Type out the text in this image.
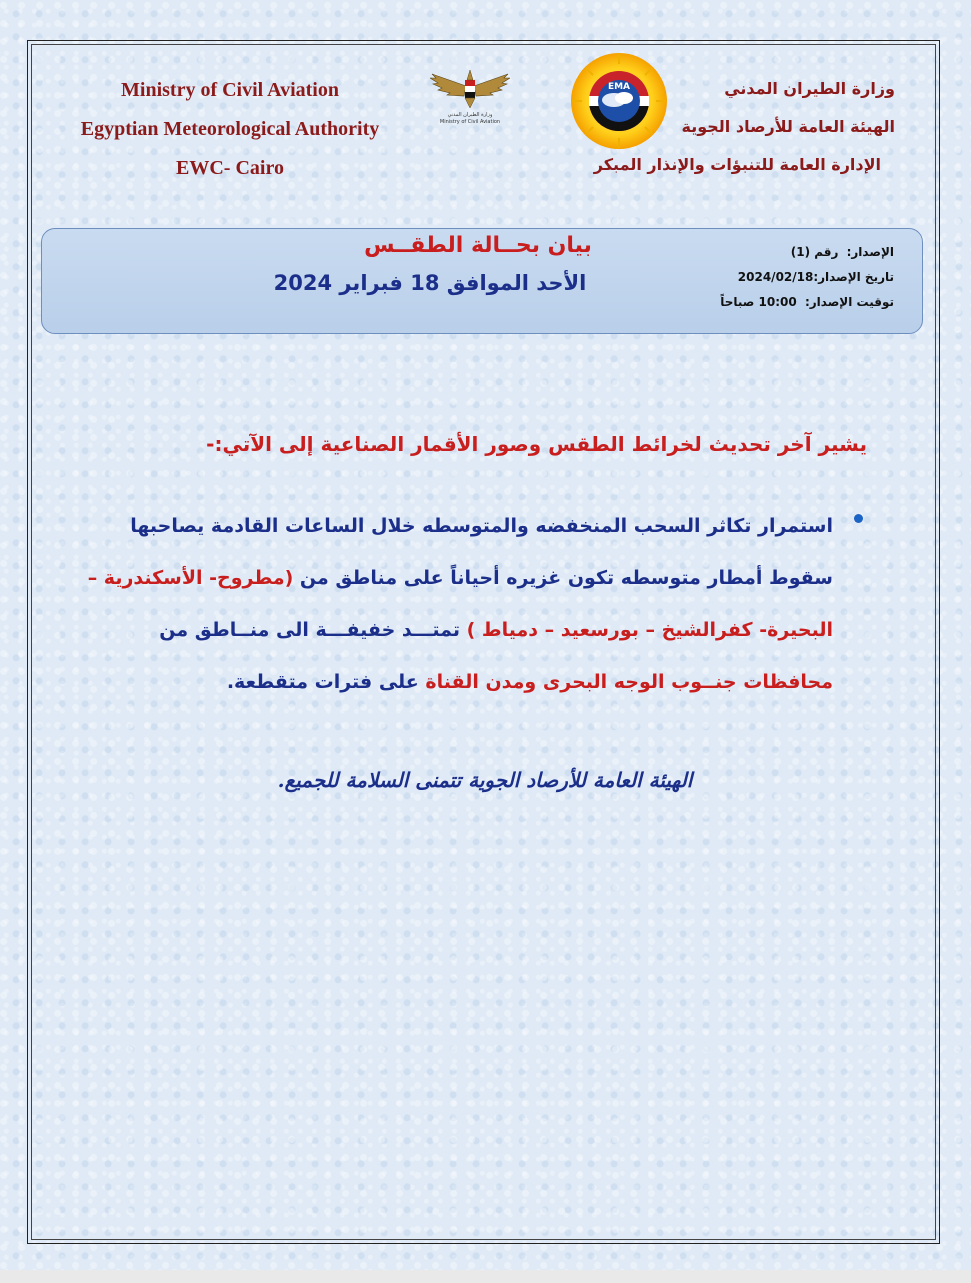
Ministry of Civil Aviation
Egyptian Meteorological Authority
EWC- Cairo
وزارة الطيران المدني
Ministry of Civil Aviation
EMA	وزارة الطيران المدني
الهيئة العامة للأرصاد الجوية
الإدارة العامة للتنبؤات والإنذار المبكر
بيان بحــالة الطقــس
الأحد الموافق 18 فبراير 2024
الإصدار: رقم (1)
تاريخ الإصدار:2024/02/18
توقيت الإصدار: 10:00 صباحاً
يشير آخر تحديث لخرائط الطقس وصور الأقمار الصناعية إلى الآتي:-
استمرار تكاثر السحب المنخفضه والمتوسطه خلال الساعات القادمة يصاحبها سقوط أمطار متوسطه تكون غزيره أحياناً على مناطق من (مطروح- الأسكندرية – البحيرة- كفرالشيخ – بورسعيد – دمياط ) تمتـــد خفيفـــة الى منــاطق من محافظات جنــوب الوجه البحرى ومدن القناة على فترات متقطعة.
الهيئة العامة للأرصاد الجوية تتمنى السلامة للجميع.
